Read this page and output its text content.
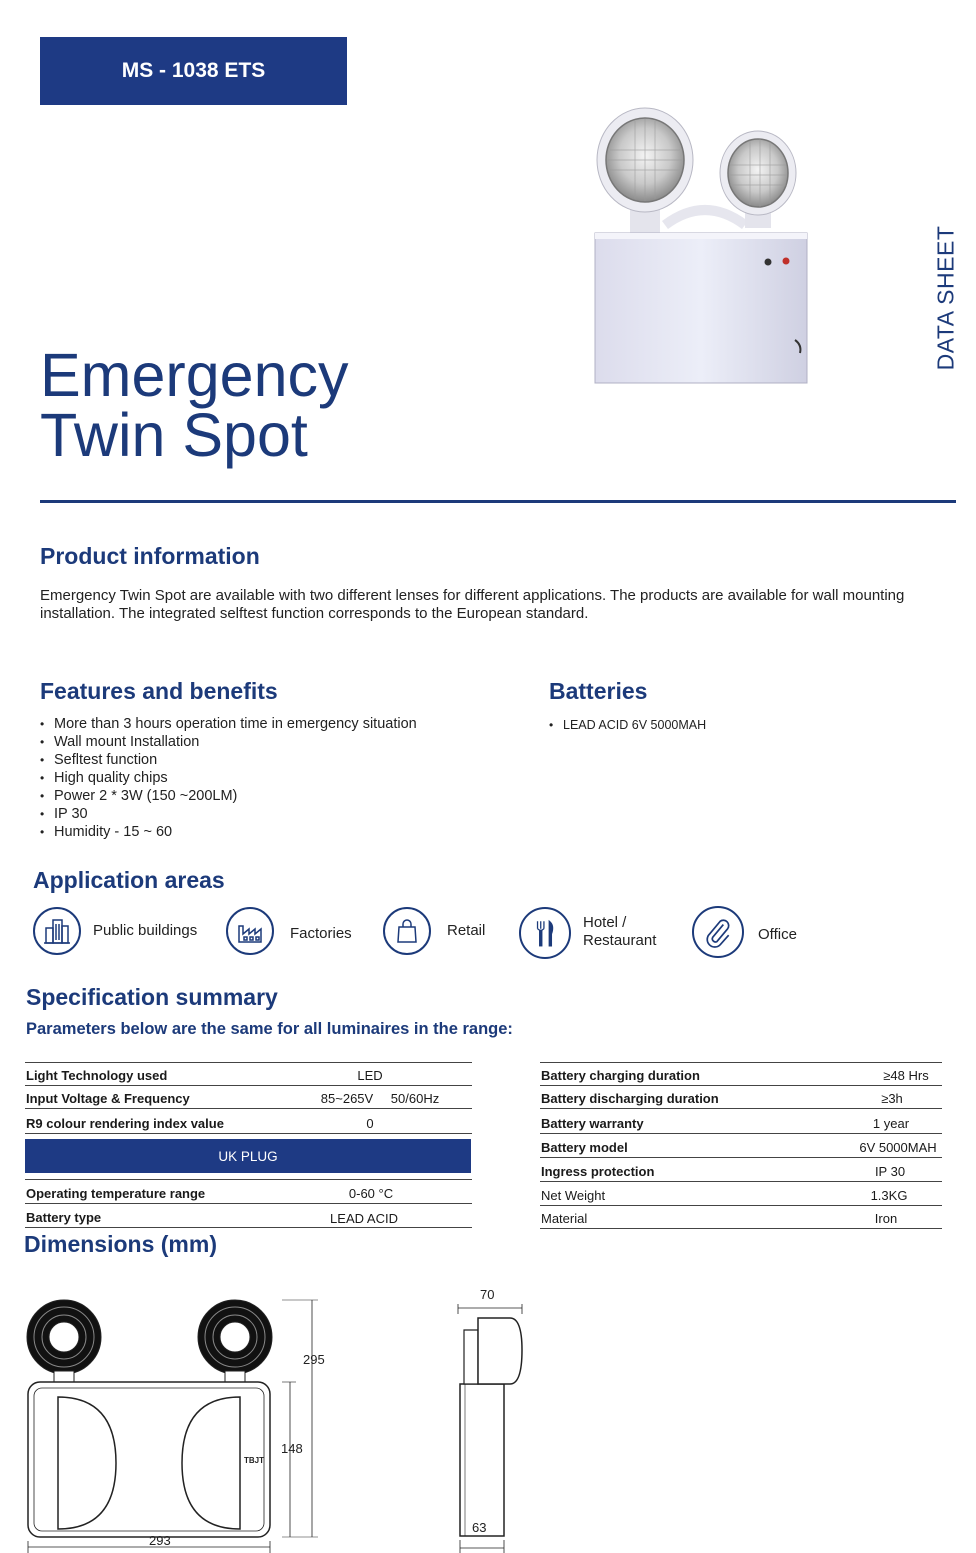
MS - 1038 ETS
DATA SHEET
Emergency
Twin Spot
Product information
Emergency Twin Spot are available with two different lenses for different applications. The products are available for wall mounting installation. The integrated selftest function corresponds to the European standard.
Features and benefits
• More than 3 hours operation time in emergency situation
• Wall mount Installation
• Sefltest function
• High quality chips
• Power 2 * 3W (150 ~200LM)
• IP 30
• Humidity - 15 ~ 60
Batteries
• LEAD ACID 6V 5000MAH
Application areas
Public buildings	Factories	Retail	Hotel / Restaurant	Office
Specification summary
Parameters below are the same for all luminaires in the range:
Light Technology used	LED
Input Voltage & Frequency	85~265V 50/60Hz
R9 colour rendering index value	0
Operating temperature range	0-60 °C
Battery type	LEAD ACID
UK PLUG
Battery charging duration	≥48 Hrs
Battery discharging duration	≥3h
Battery warranty	1 year
Battery model	6V 5000MAH
Ingress protection	IP 30
Net Weight	1.3KG
Material	Iron
Dimensions (mm)
TBJT
295
148
293
70
63
